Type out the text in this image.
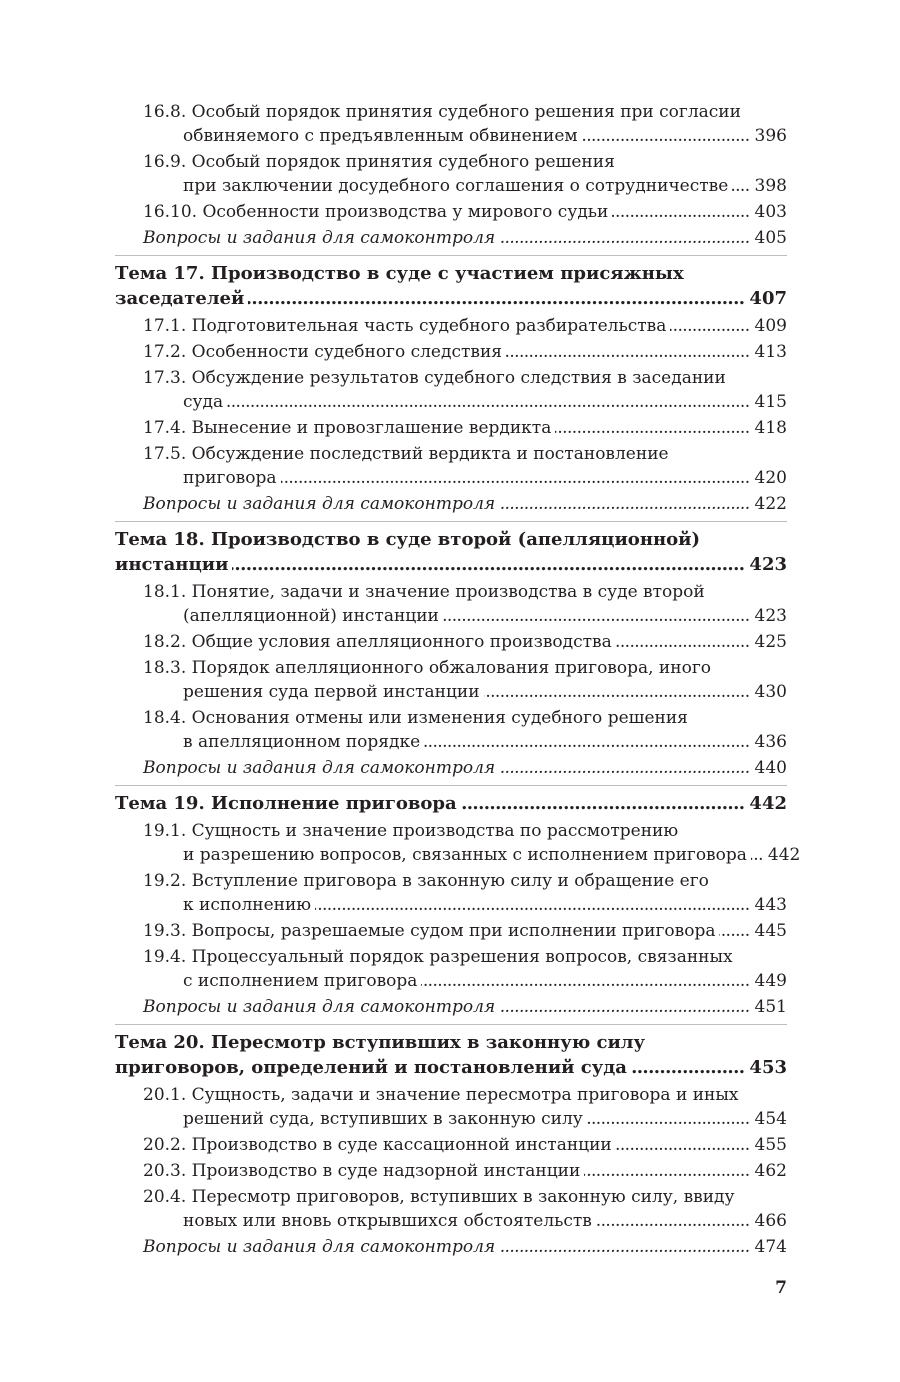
16.8. Особый порядок принятия судебного решения при согласии
обвиняемого с предъявленным обвинением .....	396
16.9. Особый порядок принятия судебного решения
при заключении досудебного соглашения о сотрудничестве ..... 398
16.10. Особенности производства у мирового судьи .....	403
Вопросы и задания для самоконтроля .....	405
Тема 17. Производство в суде с участием присяжных
заседателей .....	407
17.1. Подготовительная часть судебного разбирательства .....	409
17.2. Особенности судебного следствия .....	413
17.3. Обсуждение результатов судебного следствия в заседании
суда .....	415
17.4. Вынесение и провозглашение вердикта .....	418
17.5. Обсуждение последствий вердикта и постановление
приговора .....	420
Вопросы и задания для самоконтроля .....	422
Тема 18. Производство в суде второй (апелляционной)
инстанции .....	423
18.1. Понятие, задачи и значение производства в суде второй
(апелляционной) инстанции .....	423
18.2. Общие условия апелляционного производства .....	425
18.3. Порядок апелляционного обжалования приговора, иного
решения суда первой инстанции .....	430
18.4. Основания отмены или изменения судебного решения
в апелляционном порядке .....	436
Вопросы и задания для самоконтроля .....	440
Тема 19. Исполнение приговора .....	442
19.1. Сущность и значение производства по рассмотрению
и разрешению вопросов, связанных с исполнением приговора ..... 442
19.2. Вступление приговора в законную силу и обращение его
к исполнению .....	443
19.3. Вопросы, разрешаемые судом при исполнении приговора ..... 445
19.4. Процессуальный порядок разрешения вопросов, связанных
с исполнением приговора .....	449
Вопросы и задания для самоконтроля .....	451
Тема 20. Пересмотр вступивших в законную силу
приговоров, определений и постановлений суда .....	453
20.1. Сущность, задачи и значение пересмотра приговора и иных
решений суда, вступивших в законную силу .....	454
20.2. Производство в суде кассационной инстанции .....	455
20.3. Производство в суде надзорной инстанции .....	462
20.4. Пересмотр приговоров, вступивших в законную силу, ввиду
новых или вновь открывшихся обстоятельств .....	466
Вопросы и задания для самоконтроля .....	474
7
